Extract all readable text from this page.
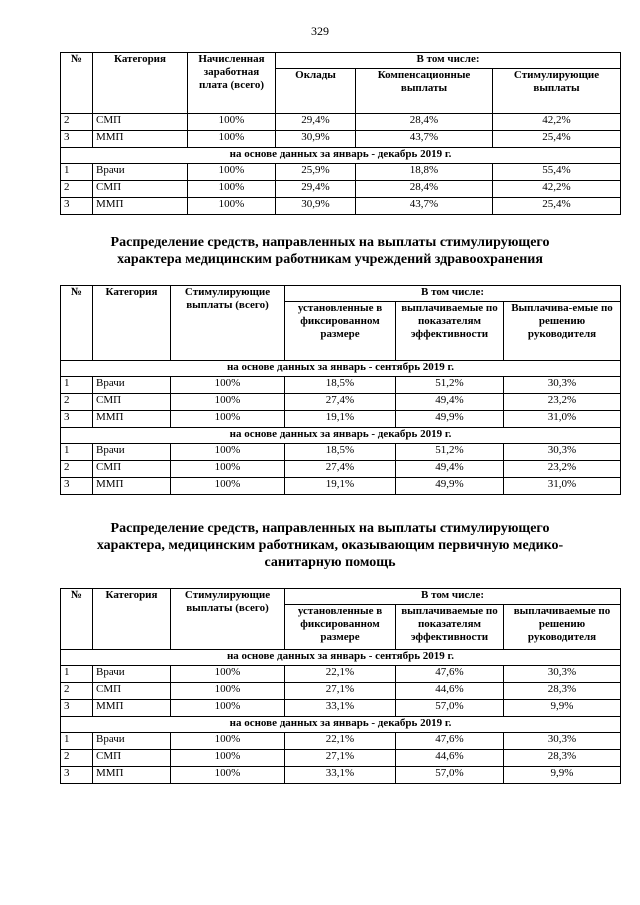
329
№	Категория	Начисленная заработная плата (всего)	В том числе:		
			Оклады	Компенсационные выплаты	Стимулирующие выплаты
2	СМП	100%	29,4%	28,4%	42,2%
3	ММП	100%	30,9%	43,7%	25,4%
на основе данных за январь - декабрь 2019 г.					
1	Врачи	100%	25,9%	18,8%	55,4%
2	СМП	100%	29,4%	28,4%	42,2%
3	ММП	100%	30,9%	43,7%	25,4%
Распределение средств, направленных на выплаты стимулирующего
характера медицинским работникам учреждений здравоохранения
№	Категория	Стимулирующие выплаты (всего)	В том числе:		
			установленные в фиксированном размере	выплачиваемые по показателям эффективности	Выплачива-емые по решению руководителя
на основе данных за январь - сентябрь 2019 г.					
1	Врачи	100%	18,5%	51,2%	30,3%
2	СМП	100%	27,4%	49,4%	23,2%
3	ММП	100%	19,1%	49,9%	31,0%
на основе данных за январь - декабрь 2019 г.					
1	Врачи	100%	18,5%	51,2%	30,3%
2	СМП	100%	27,4%	49,4%	23,2%
3	ММП	100%	19,1%	49,9%	31,0%
Распределение средств, направленных на выплаты стимулирующего
характера, медицинским работникам, оказывающим первичную медико-
санитарную помощь
№	Категория	Стимулирующие выплаты (всего)	В том числе:		
			установленные в фиксированном размере	выплачиваемые по показателям эффективности	выплачиваемые по решению руководителя
на основе данных за январь - сентябрь 2019 г.					
1	Врачи	100%	22,1%	47,6%	30,3%
2	СМП	100%	27,1%	44,6%	28,3%
3	ММП	100%	33,1%	57,0%	9,9%
на основе данных за январь - декабрь 2019 г.					
1	Врачи	100%	22,1%	47,6%	30,3%
2	СМП	100%	27,1%	44,6%	28,3%
3	ММП	100%	33,1%	57,0%	9,9%
